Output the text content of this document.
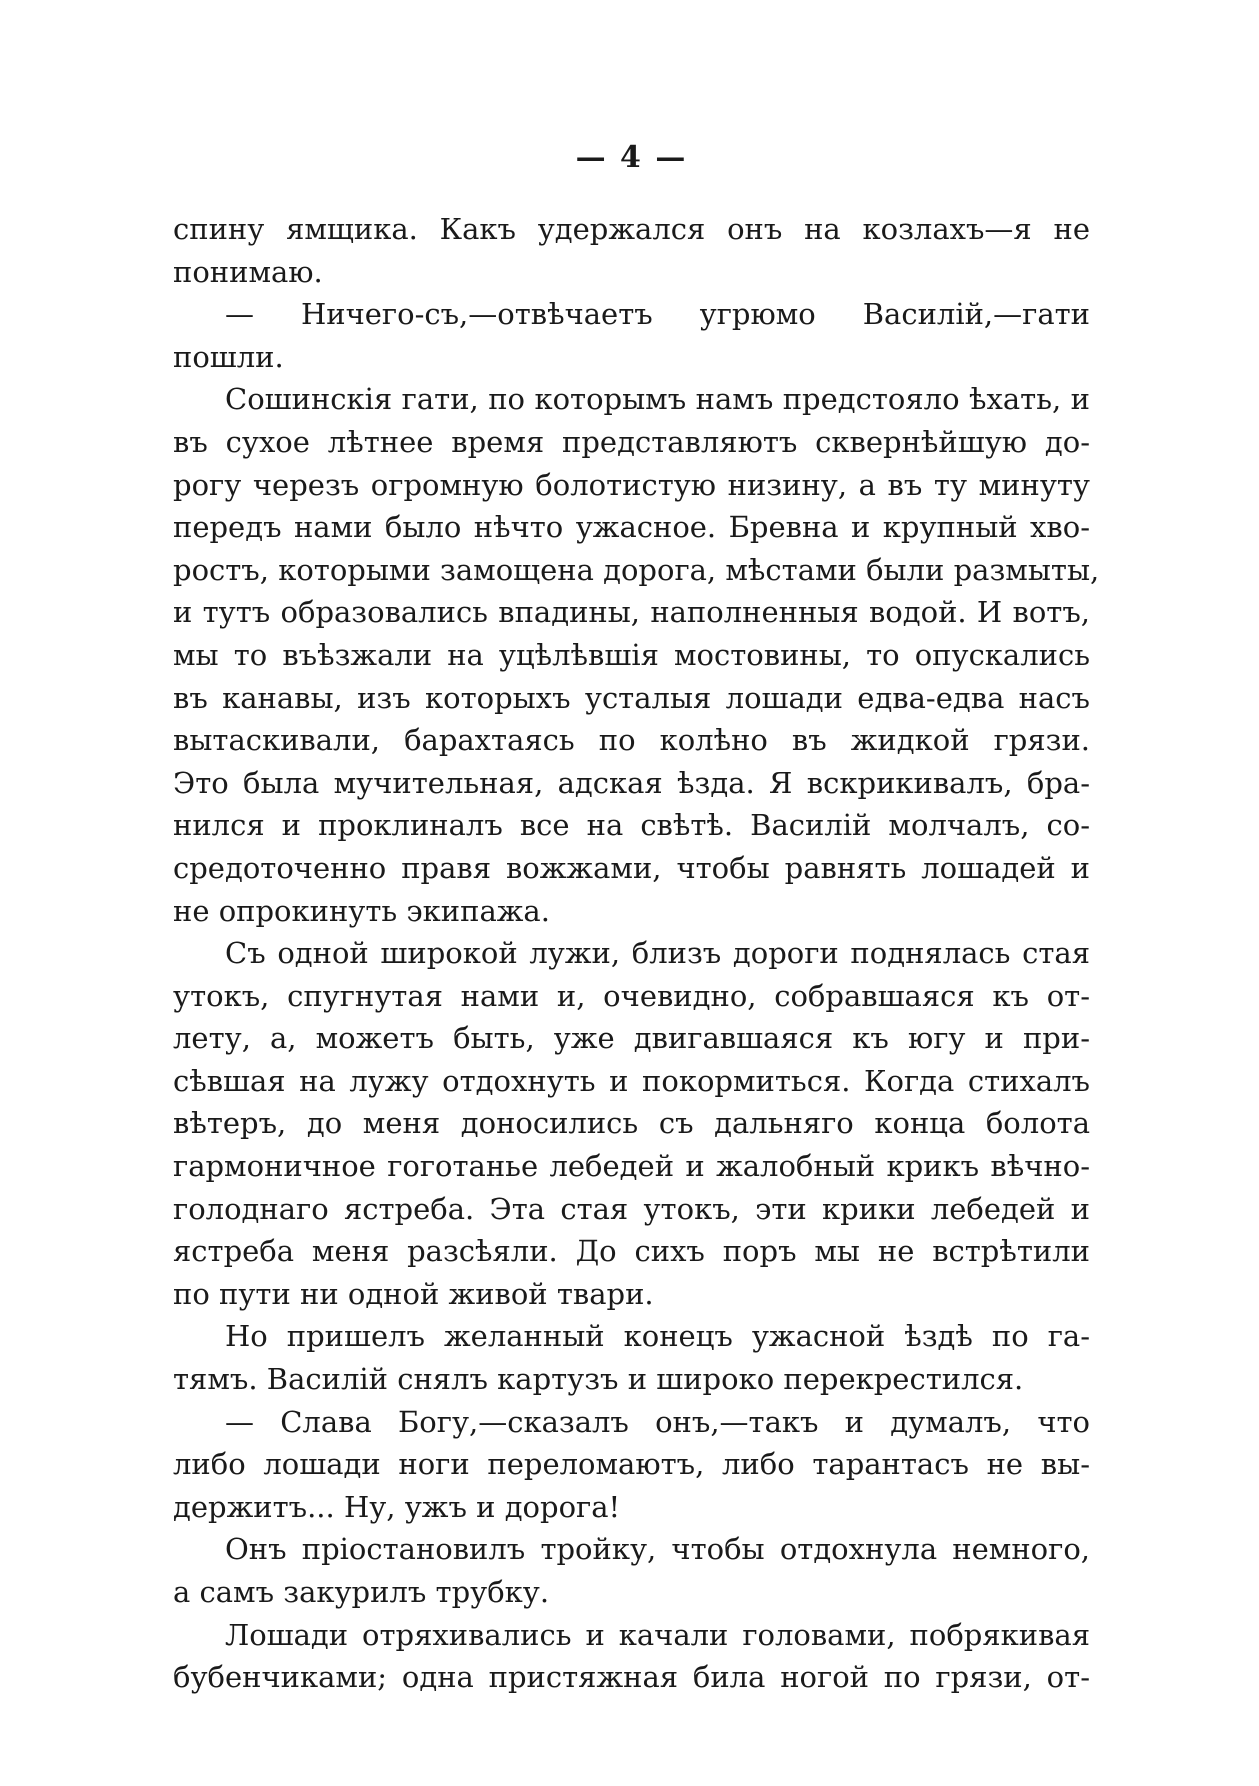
— 4 —
спину ямщика. Какъ удержался онъ на козлахъ—я не
понимаю.
— Ничего-съ,—отвѣчаетъ угрюмо Василій,—гати
пошли.
Сошинскія гати, по которымъ намъ предстояло ѣхать, и
въ сухое лѣтнее время представляютъ сквернѣйшую до-
рогу черезъ огромную болотистую низину, а въ ту минуту
передъ нами было нѣчто ужасное. Бревна и крупный хво-
ростъ, которыми замощена дорога, мѣстами были размыты,
и тутъ образовались впадины, наполненныя водой. И вотъ,
мы то въѣзжали на уцѣлѣвшія мостовины, то опускались
въ канавы, изъ которыхъ усталыя лошади едва-едва насъ
вытаскивали, барахтаясь по колѣно въ жидкой грязи.
Это была мучительная, адская ѣзда. Я вскрикивалъ, бра-
нился и проклиналъ все на свѣтѣ. Василій молчалъ, со-
средоточенно правя вожжами, чтобы равнять лошадей и
не опрокинуть экипажа.
Съ одной широкой лужи, близъ дороги поднялась стая
утокъ, спугнутая нами и, очевидно, собравшаяся къ от-
лету, а, можетъ быть, уже двигавшаяся къ югу и при-
сѣвшая на лужу отдохнуть и покормиться. Когда стихалъ
вѣтеръ, до меня доносились съ дальняго конца болота
гармоничное гоготанье лебедей и жалобный крикъ вѣчно-
голоднаго ястреба. Эта стая утокъ, эти крики лебедей и
ястреба меня разсѣяли. До сихъ поръ мы не встрѣтили
по пути ни одной живой твари.
Но пришелъ желанный конецъ ужасной ѣздѣ по га-
тямъ. Василій снялъ картузъ и широко перекрестился.
— Слава Богу,—сказалъ онъ,—такъ и думалъ, что
либо лошади ноги переломаютъ, либо тарантасъ не вы-
держитъ... Ну, ужъ и дорога!
Онъ пріостановилъ тройку, чтобы отдохнула немного,
а самъ закурилъ трубку.
Лошади отряхивались и качали головами, побрякивая
бубенчиками; одна пристяжная била ногой по грязи, от-
